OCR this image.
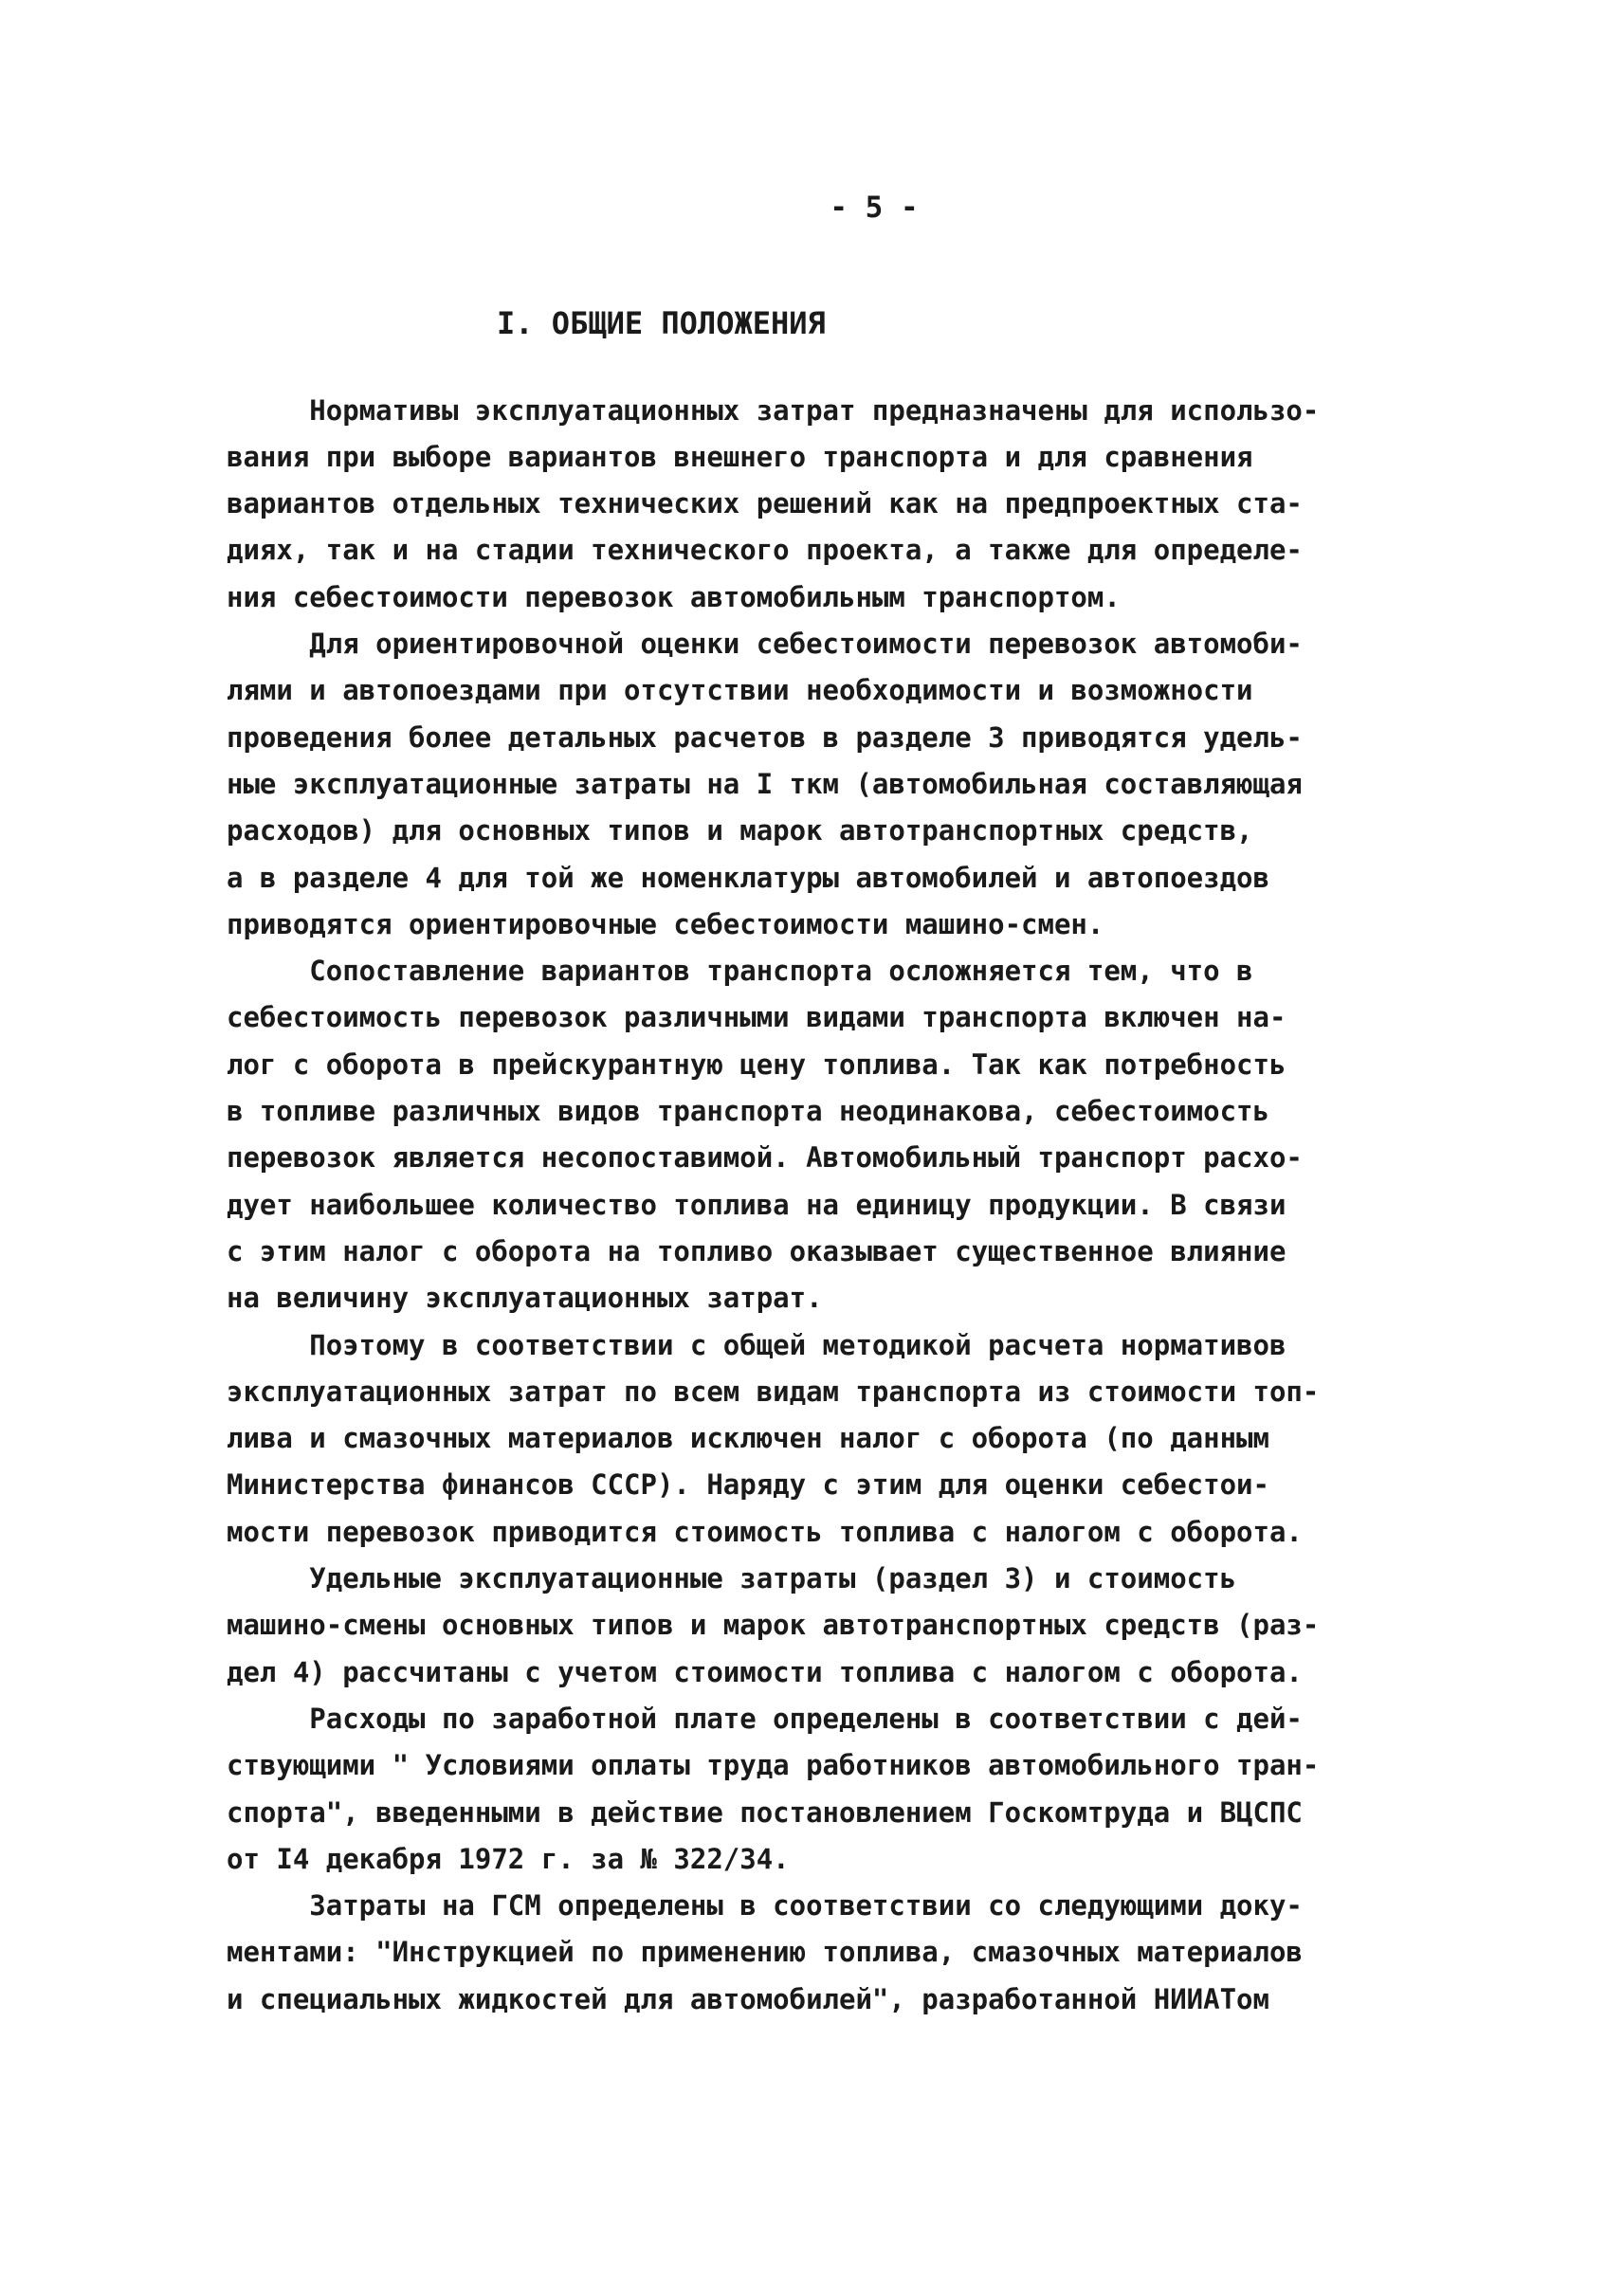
- 5 -
I. ОБЩИЕ ПОЛОЖЕНИЯ
Нормативы эксплуатационных затрат предназначены для использо-
вания при выборе вариантов внешнего транспорта и для сравнения
вариантов отдельных технических решений как на предпроектных ста-
диях, так и на стадии технического проекта, а также для определе-
ния себестоимости перевозок автомобильным транспортом.
Для ориентировочной оценки себестоимости перевозок автомоби-
лями и автопоездами при отсутствии необходимости и возможности
проведения более детальных расчетов в разделе 3 приводятся удель-
ные эксплуатационные затраты на I ткм (автомобильная составляющая
расходов) для основных типов и марок автотранспортных средств,
а в разделе 4 для той же номенклатуры автомобилей и автопоездов
приводятся ориентировочные себестоимости машино-смен.
Сопоставление вариантов транспорта осложняется тем, что в
себестоимость перевозок различными видами транспорта включен на-
лог с оборота в прейскурантную цену топлива. Так как потребность
в топливе различных видов транспорта неодинакова, себестоимость
перевозок является несопоставимой. Автомобильный транспорт расхо-
дует наибольшее количество топлива на единицу продукции. В связи
с этим налог с оборота на топливо оказывает существенное влияние
на величину эксплуатационных затрат.
Поэтому в соответствии с общей методикой расчета нормативов
эксплуатационных затрат по всем видам транспорта из стоимости топ-
лива и смазочных материалов исключен налог с оборота (по данным
Министерства финансов СССР). Наряду с этим для оценки себестои-
мости перевозок приводится стоимость топлива с налогом с оборота.
Удельные эксплуатационные затраты (раздел 3) и стоимость
машино-смены основных типов и марок автотранспортных средств (раз-
дел 4) рассчитаны с учетом стоимости топлива с налогом с оборота.
Расходы по заработной плате определены в соответствии с дей-
ствующими " Условиями оплаты труда работников автомобильного тран-
спорта", введенными в действие постановлением Госкомтруда и ВЦСПС
от I4 декабря 1972 г. за № 322/34.
Затраты на ГСМ определены в соответствии со следующими доку-
ментами: "Инструкцией по применению топлива, смазочных материалов
и специальных жидкостей для автомобилей", разработанной НИИАТом
